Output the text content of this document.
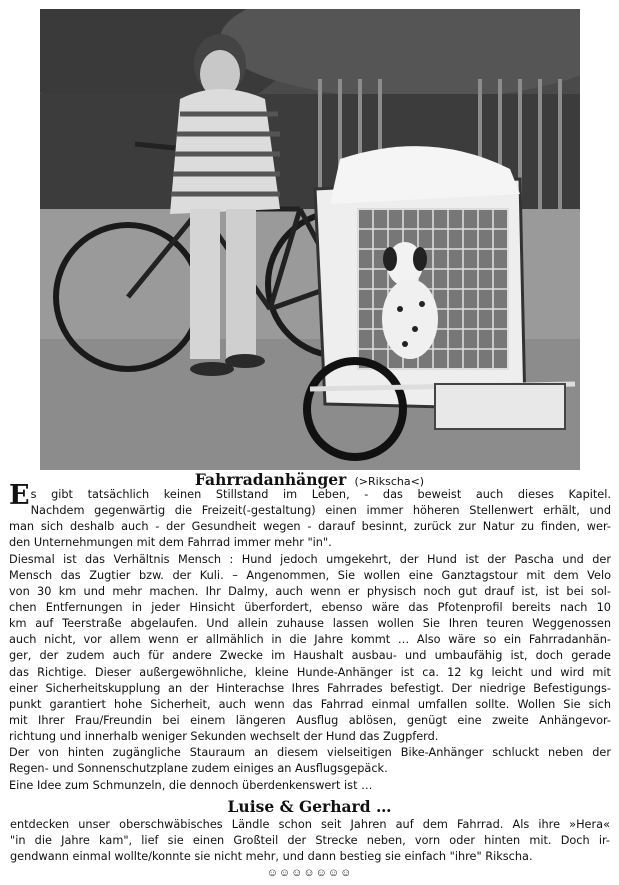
Fahrradanhänger (>Rikscha<)
E s gibt tatsächlich keinen Stillstand im Leben, - das beweist auch dieses Kapitel.
Nachdem gegenwärtig die Freizeit(-gestaltung) einen immer höheren Stellenwert erhält, und
man sich deshalb auch - der Gesundheit wegen - darauf besinnt, zurück zur Natur zu finden, wer-
den Unternehmungen mit dem Fahrrad immer mehr "in".
Diesmal ist das Verhältnis Mensch : Hund jedoch umgekehrt, der Hund ist der Pascha und der
Mensch das Zugtier bzw. der Kuli. – Angenommen, Sie wollen eine Ganztagstour mit dem Velo
von 30 km und mehr machen. Ihr Dalmy, auch wenn er physisch noch gut drauf ist, ist bei sol-
chen Entfernungen in jeder Hinsicht überfordert, ebenso wäre das Pfotenprofil bereits nach 10
km auf Teerstraße abgelaufen. Und allein zuhause lassen wollen Sie Ihren teuren Weggenossen
auch nicht, vor allem wenn er allmählich in die Jahre kommt … Also wäre so ein Fahrradanhän-
ger, der zudem auch für andere Zwecke im Haushalt ausbau- und umbaufähig ist, doch gerade
das Richtige. Dieser außergewöhnliche, kleine Hunde-Anhänger ist ca. 12 kg leicht und wird mit
einer Sicherheitskupplung an der Hinterachse Ihres Fahrrades befestigt. Der niedrige Befestigungs-
punkt garantiert hohe Sicherheit, auch wenn das Fahrrad einmal umfallen sollte. Wollen Sie sich
mit Ihrer Frau/Freundin bei einem längeren Ausflug ablösen, genügt eine zweite Anhängevor-
richtung und innerhalb weniger Sekunden wechselt der Hund das Zugpferd.
Der von hinten zugängliche Stauraum an diesem vielseitigen Bike-Anhänger schluckt neben der
Regen- und Sonnenschutzplane zudem einiges an Ausflugsgepäck.
Eine Idee zum Schmunzeln, die dennoch überdenkenswert ist …
Luise & Gerhard …
entdecken unser oberschwäbisches Ländle schon seit Jahren auf dem Fahrrad. Als ihre »Hera«
"in die Jahre kam", lief sie einen Großteil der Strecke neben, vorn oder hinten mit. Doch ir-
gendwann einmal wollte/konnte sie nicht mehr, und dann bestieg sie einfach "ihre" Rikscha.
☺☺☺☺☺☺☺
